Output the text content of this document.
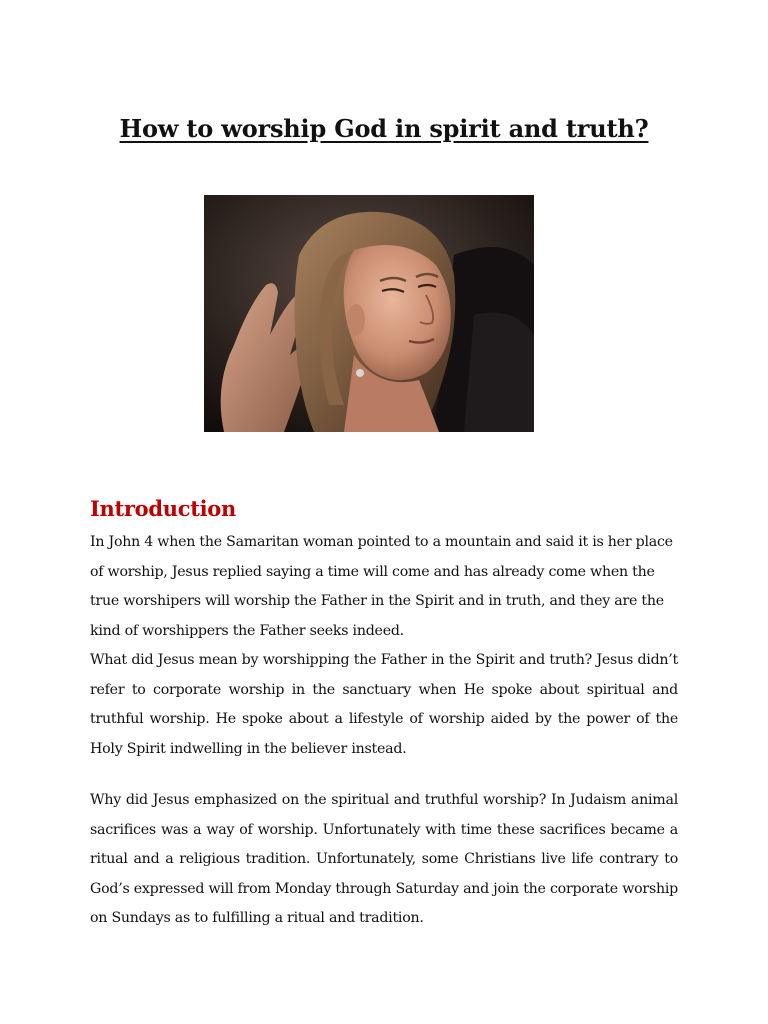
How to worship God in spirit and truth?
Introduction

In John 4 when the Samaritan woman pointed to a mountain and said it is her place of worship, Jesus replied saying a time will come and has already come when the true worshipers will worship the Father in the Spirit and in truth, and they are the kind of worshippers the Father seeks indeed.

What did Jesus mean by worshipping the Father in the Spirit and truth? Jesus didn’t refer to corporate worship in the sanctuary when He spoke about spiritual and truthful worship. He spoke about a lifestyle of worship aided by the power of the Holy Spirit indwelling in the believer instead.

Why did Jesus emphasized on the spiritual and truthful worship? In Judaism animal sacrifices was a way of worship. Unfortunately with time these sacrifices became a ritual and a religious tradition. Unfortunately, some Christians live life contrary to God’s expressed will from Monday through Saturday and join the corporate worship on Sundays as to fulfilling a ritual and tradition.
